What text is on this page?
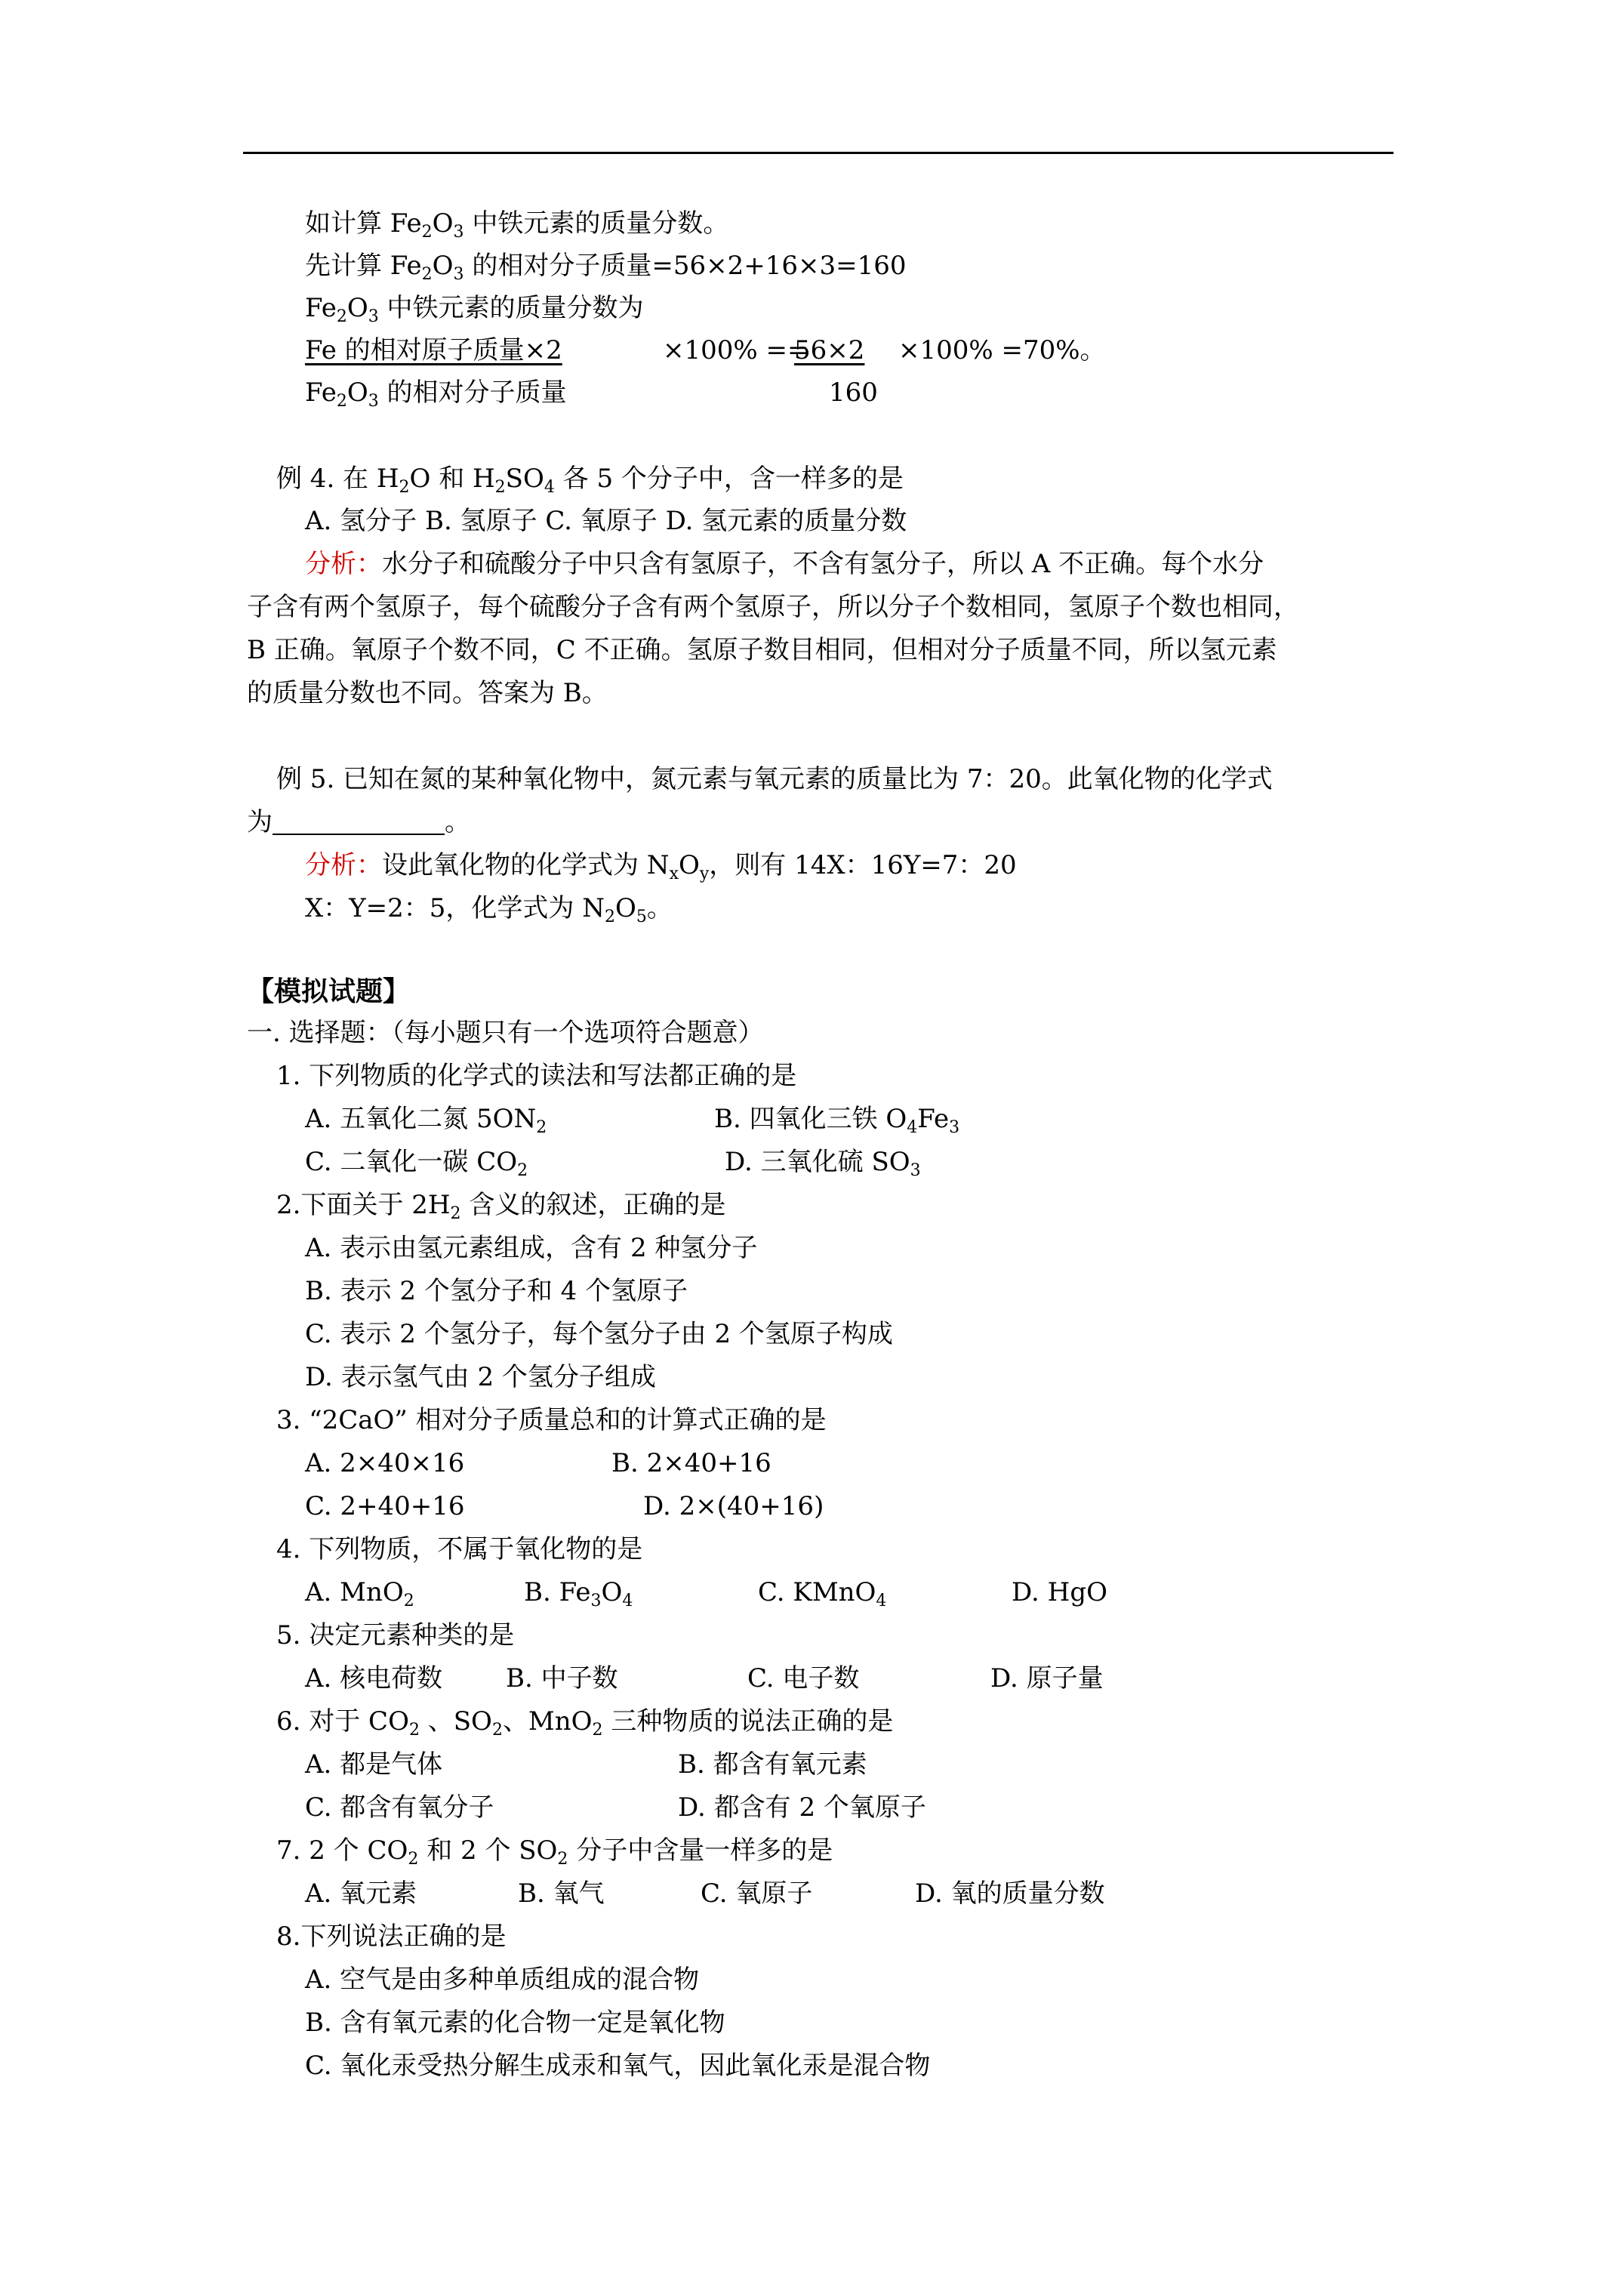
如计算 $Fe_2O_3$ 中铁元素的质量分数。
先计算 $Fe_2O_3$ 的相对分子质量=56×2+16×3=160
$Fe_2O_3$ 中铁元素的质量分数为
Fe 的相对原子质量×2	×100% ==
56×2	×100% =70%。
$Fe_2O_3$ 的相对分子质量	160
例 4. 在 $H_2O$ 和 $H_2SO_4$ 各 5 个分子中，含一样多的是
A. 氢分子 B. 氢原子 C. 氧原子 D. 氢元素的质量分数
分析：水分子和硫酸分子中只含有氢原子，不含有氢分子，所以 A 不正确。每个水分
子含有两个氢原子，每个硫酸分子含有两个氢原子，所以分子个数相同，氢原子个数也相同，
B 正确。氧原子个数不同，C 不正确。氢原子数目相同，但相对分子质量不同，所以氢元素
的质量分数也不同。答案为 B。
例 5. 已知在氮的某种氧化物中，氮元素与氧元素的质量比为 7：20。此氧化物的化学式
为	。
分析：设此氧化物的化学式为 $N_xO_y$，则有 14X：16Y=7：20
X：Y=2：5，化学式为 $N_2O_5$。
【模拟试题】
一. 选择题：（每小题只有一个选项符合题意）
1. 下列物质的化学式的读法和写法都正确的是
A. 五氧化二氮 $5ON_2$	B. 四氧化三铁 $O_4Fe_3$
C. 二氧化一碳 $CO_2$	D. 三氧化硫 $SO_3$
2.下面关于 $2H_2$ 含义的叙述，正确的是
A. 表示由氢元素组成，含有 2 种氢分子
B. 表示 2 个氢分子和 4 个氢原子
C. 表示 2 个氢分子，每个氢分子由 2 个氢原子构成
D. 表示氢气由 2 个氢分子组成
3. “2CaO” 相对分子质量总和的计算式正确的是
A. 2×40×16	B. 2×40+16
C. 2+40+16	D. 2×(40+16)
4. 下列物质，不属于氧化物的是
A. MnO$_2$	B. $Fe_3O_4$	C. KMnO$_4$	D. HgO
5. 决定元素种类的是
A. 核电荷数 B. 中子数	C. 电子数	D. 原子量
6. 对于 $CO_2$ 、$SO_2$、MnO$_2$ 三种物质的说法正确的是
A. 都是气体	B. 都含有氧元素
C. 都含有氧分子	D. 都含有 2 个氧原子
7. 2 个 $CO_2$ 和 2 个 $SO_2$ 分子中含量一样多的是
A. 氧元素	B. 氧气	C. 氧原子	D. 氧的质量分数
8.下列说法正确的是
A. 空气是由多种单质组成的混合物
B. 含有氧元素的化合物一定是氧化物
C. 氧化汞受热分解生成汞和氧气，因此氧化汞是混合物
